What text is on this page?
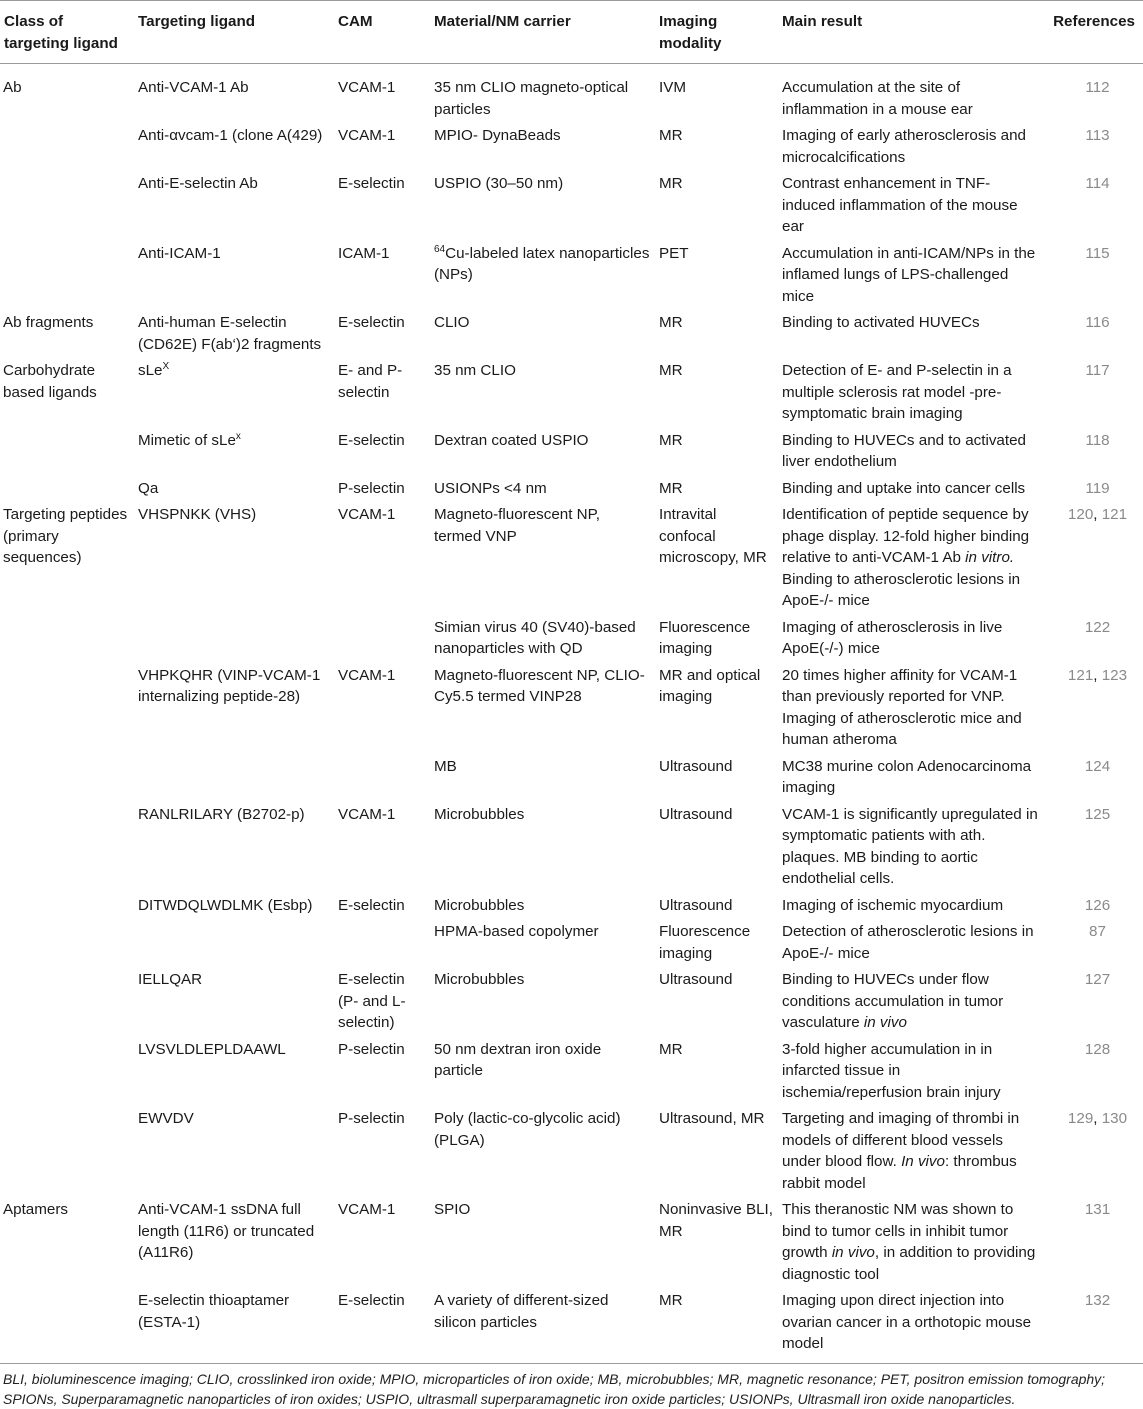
Class of targeting ligand	Targeting ligand	CAM	Material/NM carrier	Imaging modality	Main result	References
Ab	Anti-VCAM-1 Ab	VCAM-1	35 nm CLIO magneto-optical particles	IVM	Accumulation at the site of inflammation in a mouse ear	112
	Anti-αvcam-1 (clone A(429)	VCAM-1	MPIO- DynaBeads	MR	Imaging of early atherosclerosis and microcalcifications	113
	Anti-E-selectin Ab	E-selectin	USPIO (30–50 nm)	MR	Contrast enhancement in TNF-induced inflammation of the mouse ear	114
	Anti-ICAM-1	ICAM-1	$^{64}$Cu-labeled latex nanoparticles (NPs)	PET	Accumulation in anti-ICAM/NPs in the inflamed lungs of LPS-challenged mice	115
Ab fragments	Anti-human E-selectin (CD62E) F(ab‘)2 fragments	E-selectin	CLIO	MR	Binding to activated HUVECs	116
Carbohydrate based ligands	sLe$^X$	E- and P-selectin	35 nm CLIO	MR	Detection of E- and P-selectin in a multiple sclerosis rat model -pre-symptomatic brain imaging	117
	Mimetic of sLe$^x$	E-selectin	Dextran coated USPIO	MR	Binding to HUVECs and to activated liver endothelium	118
	Qa	P-selectin	USIONPs <4 nm	MR	Binding and uptake into cancer cells	119
Targeting peptides (primary sequences)	VHSPNKK (VHS)	VCAM-1	Magneto-fluorescent NP, termed VNP	Intravital confocal microscopy, MR	Identification of peptide sequence by phage display. 12-fold higher binding relative to anti-VCAM-1 Ab in vitro. Binding to atherosclerotic lesions in ApoE-/- mice	120, 121
			Simian virus 40 (SV40)-based nanoparticles with QD	Fluorescence imaging	Imaging of atherosclerosis in live ApoE(-/-) mice	122
	VHPKQHR (VINP-VCAM-1 internalizing peptide-28)	VCAM-1	Magneto-fluorescent NP, CLIO-Cy5.5 termed VINP28	MR and optical imaging	20 times higher affinity for VCAM-1 than previously reported for VNP. Imaging of atherosclerotic mice and human atheroma	121, 123
			MB	Ultrasound	MC38 murine colon Adenocarcinoma imaging	124
	RANLRILARY (B2702-p)	VCAM-1	Microbubbles	Ultrasound	VCAM-1 is significantly upregulated in symptomatic patients with ath. plaques. MB binding to aortic endothelial cells.	125
	DITWDQLWDLMK (Esbp)	E-selectin	Microbubbles	Ultrasound	Imaging of ischemic myocardium	126
			HPMA-based copolymer	Fluorescence imaging	Detection of atherosclerotic lesions in ApoE-/- mice	87
	IELLQAR	E-selectin (P- and L-selectin)	Microbubbles	Ultrasound	Binding to HUVECs under flow conditions accumulation in tumor vasculature in vivo	127
	LVSVLDLEPLDAAWL	P-selectin	50 nm dextran iron oxide particle	MR	3-fold higher accumulation in in infarcted tissue in ischemia/reperfusion brain injury	128
	EWVDV	P-selectin	Poly (lactic-co-glycolic acid) (PLGA)	Ultrasound, MR	Targeting and imaging of thrombi in models of different blood vessels under blood flow. In vivo: thrombus rabbit model	129, 130
Aptamers	Anti-VCAM-1 ssDNA full length (11R6) or truncated (A11R6)	VCAM-1	SPIO	Noninvasive BLI, MR	This theranostic NM was shown to bind to tumor cells in inhibit tumor growth in vivo, in addition to providing diagnostic tool	131
	E-selectin thioaptamer (ESTA-1)	E-selectin	A variety of different-sized silicon particles	MR	Imaging upon direct injection into ovarian cancer in a orthotopic mouse model	132
BLI, bioluminescence imaging; CLIO, crosslinked iron oxide; MPIO, microparticles of iron oxide; MB, microbubbles; MR, magnetic resonance; PET, positron emission tomography; SPIONs, Superparamagnetic nanoparticles of iron oxides; USPIO, ultrasmall superparamagnetic iron oxide particles; USIONPs, Ultrasmall iron oxide nanoparticles.
